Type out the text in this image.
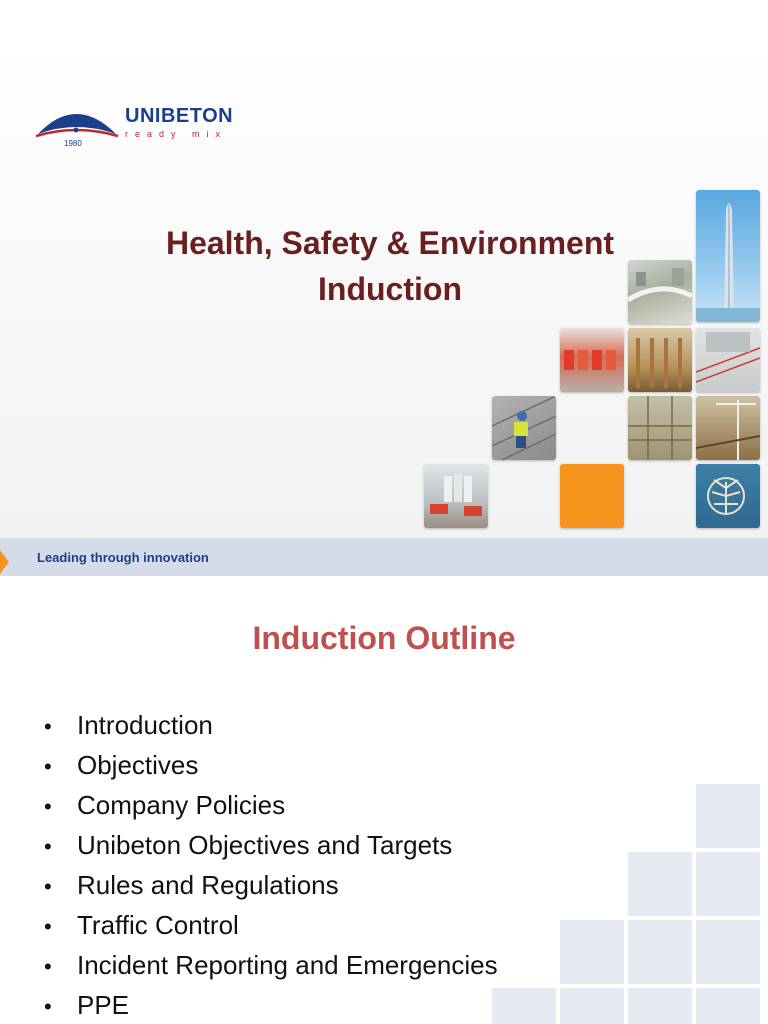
UNIBETON
ready mix
1980
Health, Safety & Environment
Induction
Leading through innovation
Induction Outline
• Introduction
• Objectives
• Company Policies
• Unibeton Objectives and Targets
• Rules and Regulations
• Traffic Control
• Incident Reporting and Emergencies
• PPE
